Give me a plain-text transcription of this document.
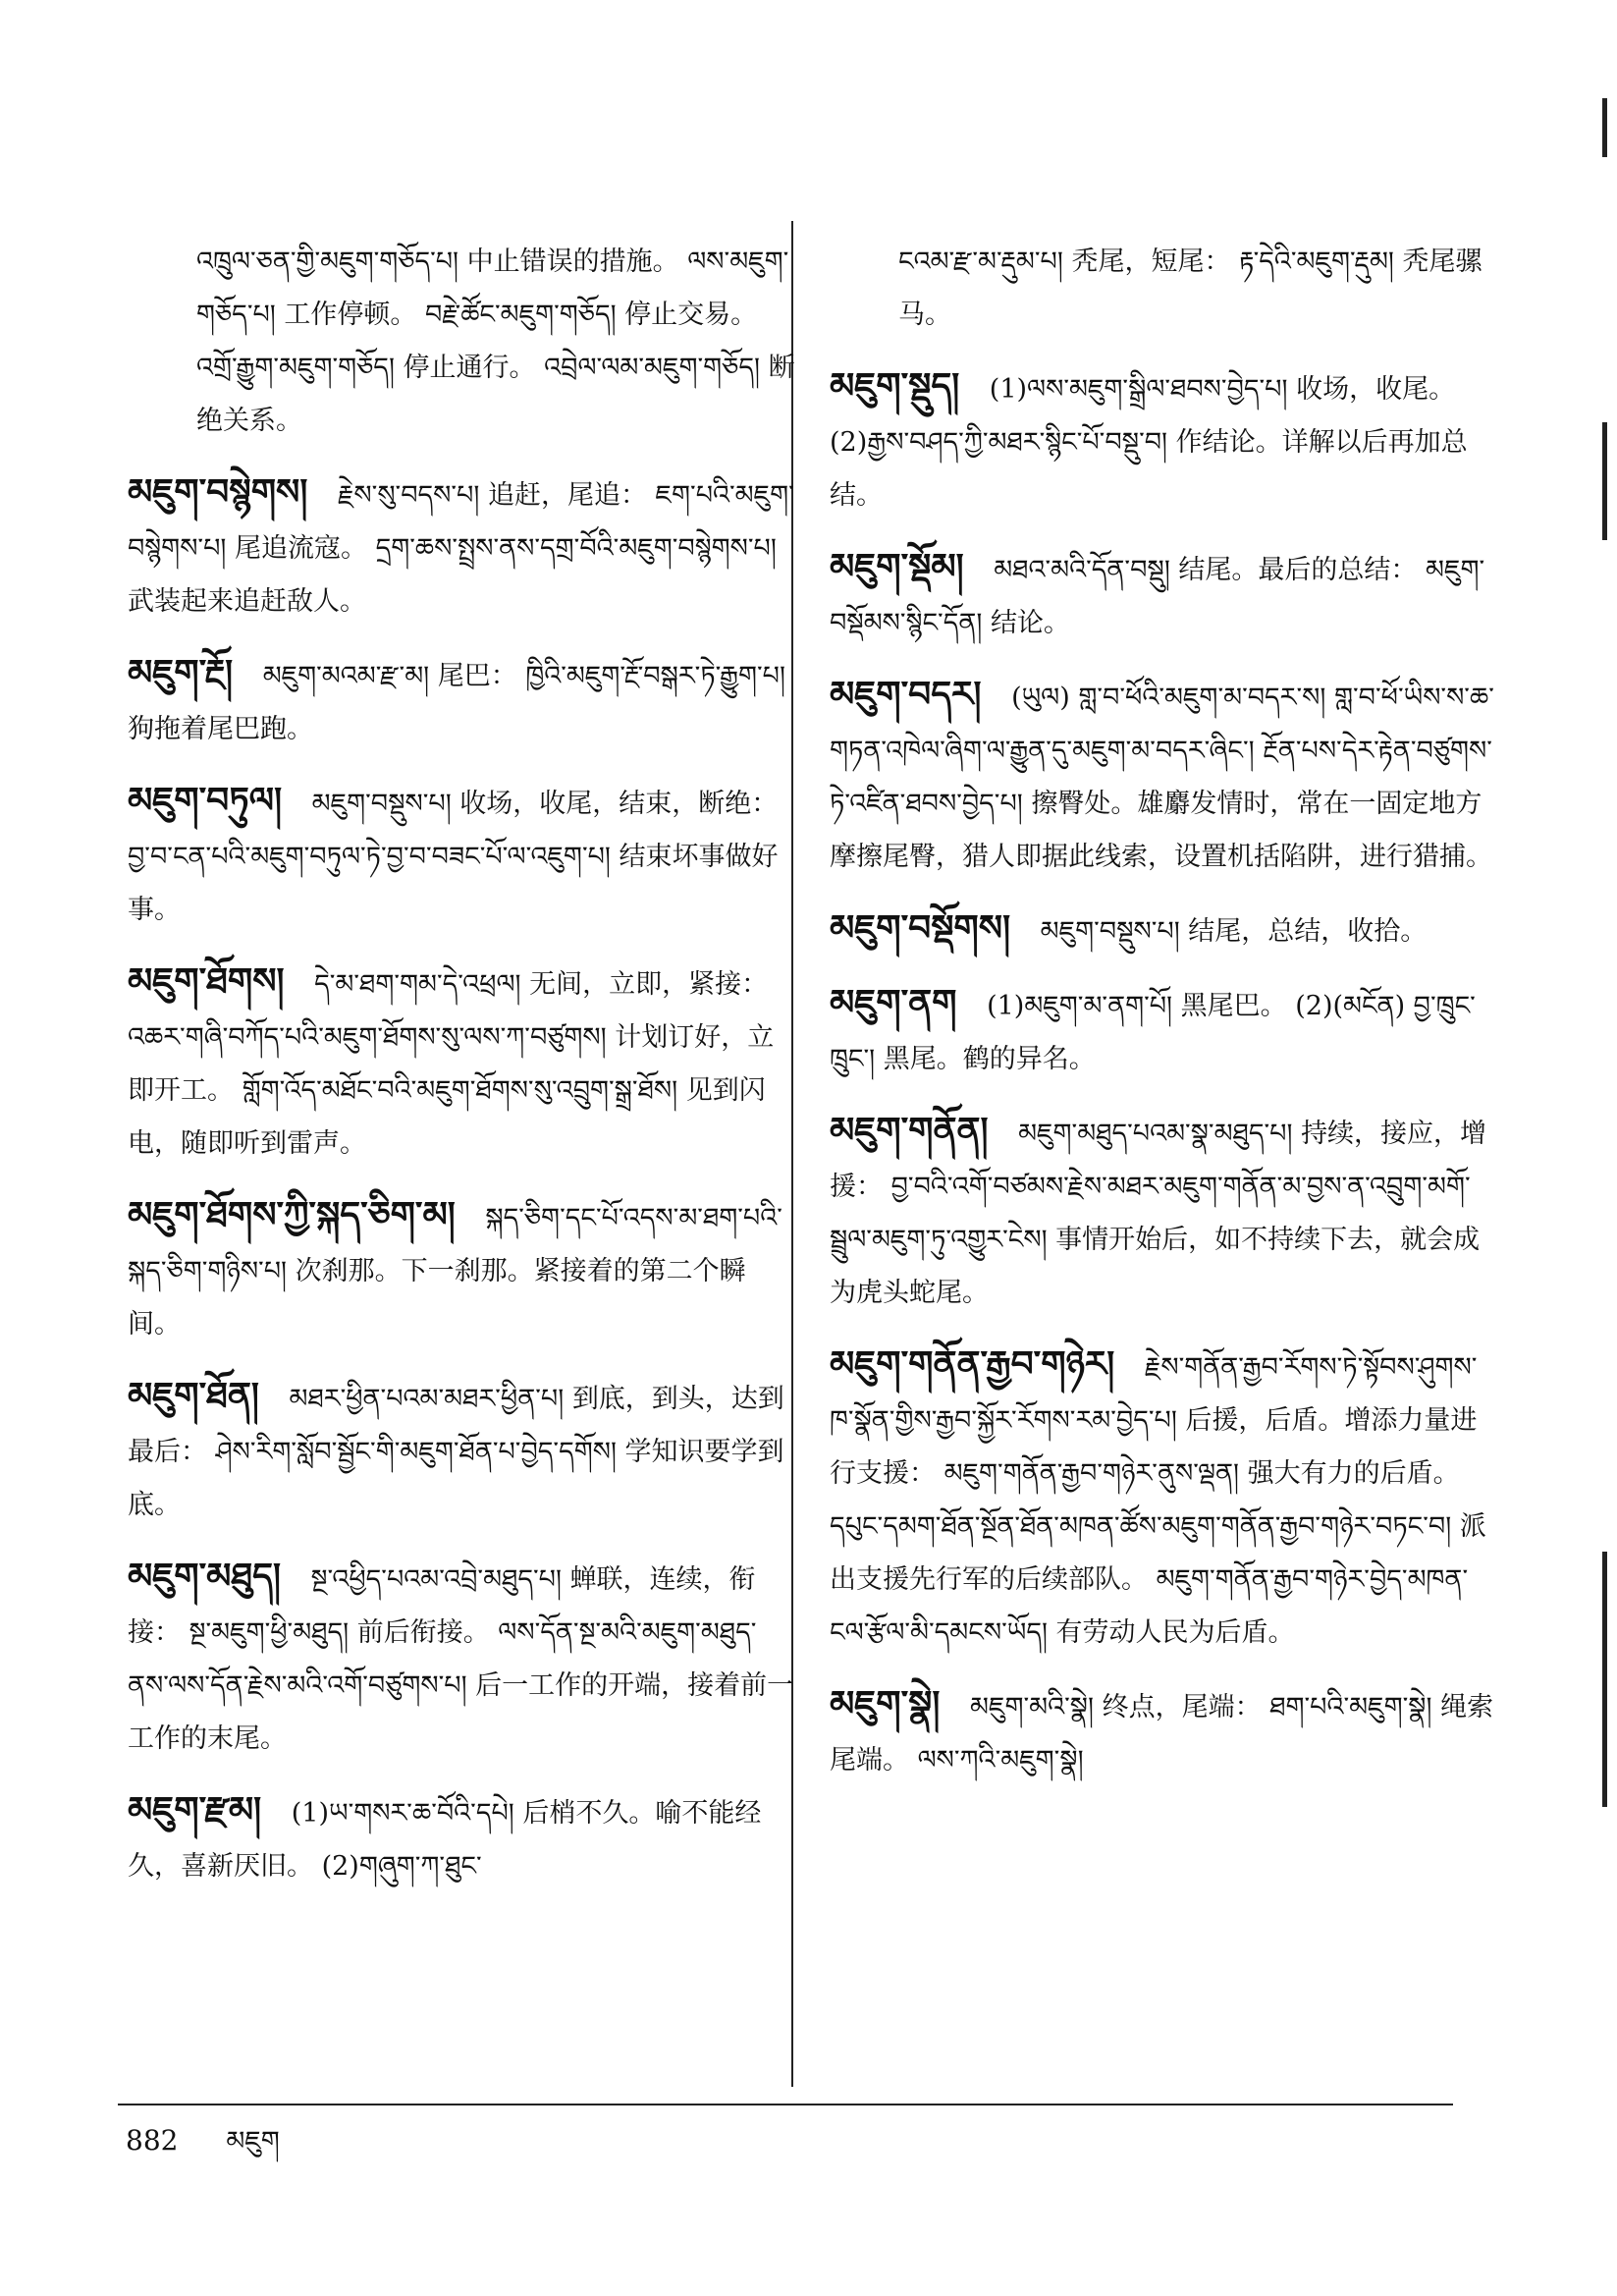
འཁྲུལ་ཅན་གྱི་མཇུག་གཅོད་པ། 中止错误的措施。 ལས་མཇུག་གཅོད་པ། 工作停顿。 བརྗེ་ཚོང་མཇུག་གཅོད། 停止交易。 འགྲོ་རྒྱུག་མཇུག་གཅོད། 停止通行。 འབྲེལ་ལམ་མཇུག་གཅོད། 断绝关系。
མཇུག་བསྙེགས། རྗེས་སུ་བདས་པ། 追赶，尾追： ཇག་པའི་མཇུག་བསྙེགས་པ། 尾追流寇。 དྲག་ཆས་སྤྲས་ནས་དགྲ་བོའི་མཇུག་བསྙེགས་པ། 武装起来追赶敌人。
མཇུག་རྔོ། མཇུག་མའམ་རྫ་མ། 尾巴： ཁྱིའི་མཇུག་རྔོ་བསྒར་ཏེ་རྒྱུག་པ། 狗拖着尾巴跑。
མཇུག་བཏུལ། མཇུག་བསྡུས་པ། 收场，收尾，结束，断绝： བྱ་བ་ངན་པའི་མཇུག་བཏུལ་ཏེ་བྱ་བ་བཟང་པོ་ལ་འཇུག་པ། 结束坏事做好事。
མཇུག་ཐོགས། དེ་མ་ཐག་གམ་དེ་འཕྲལ། 无间，立即，紧接： འཆར་གཞི་བཀོད་པའི་མཇུག་ཐོགས་སུ་ལས་ཀ་བཙུགས། 计划订好，立即开工。 གློག་འོད་མཐོང་བའི་མཇུག་ཐོགས་སུ་འབྲུག་སྒྲ་ཐོས། 见到闪电，随即听到雷声。
མཇུག་ཐོགས་ཀྱི་སྐད་ཅིག་མ། སྐད་ཅིག་དང་པོ་འདས་མ་ཐག་པའི་སྐད་ཅིག་གཉིས་པ། 次刹那。下一刹那。紧接着的第二个瞬间。
མཇུག་ཐོན། མཐར་ཕྱིན་པའམ་མཐར་ཕྱིན་པ། 到底，到头，达到最后： ཤེས་རིག་སློབ་སྦྱོང་གི་མཇུག་ཐོན་པ་བྱེད་དགོས། 学知识要学到底。
མཇུག་མཐུད། སྔ་འཕྱིད་པའམ་འབྲེ་མཐུད་པ། 蝉联，连续，衔接： སྔ་མཇུག་ཕྱི་མཐུད། 前后衔接。 ལས་དོན་སྔ་མའི་མཇུག་མཐུད་ནས་ལས་དོན་རྗེས་མའི་འགོ་བཙུགས་པ། 后一工作的开端，接着前一工作的末尾。
མཇུག་རྫམ། (1)ཡ་གསར་ཆ་བོའི་དཔེ། 后梢不久。喻不能经久，喜新厌旧。 (2)གཞུག་ཀ་ཐུང་
ངའམ་རྫ་མ་རྡུམ་པ། 秃尾，短尾： རྟ་དེའི་མཇུག་རྡུམ། 秃尾骡马。
མཇུག་སྡུད། (1)ལས་མཇུག་སྒྲིལ་ཐབས་བྱེད་པ། 收场，收尾。 (2)རྒྱས་བཤད་ཀྱི་མཐར་སྙིང་པོ་བསྡུ་བ། 作结论。详解以后再加总结。
མཇུག་སྡོམ། མཐའ་མའི་དོན་བསྡུ། 结尾。最后的总结： མཇུག་བསྡོམས་སྙིང་དོན། 结论。
མཇུག་བདར། (ཡུལ) གླ་བ་ཕོའི་མཇུག་མ་བདར་ས། གླ་བ་ཕོ་ཡིས་ས་ཆ་གཏན་འཁེལ་ཞིག་ལ་རྒྱུན་དུ་མཇུག་མ་བདར་ཞིང་། རྔོན་པས་དེར་རྟེན་བཙུགས་ཏེ་འཛིན་ཐབས་བྱེད་པ། 擦臀处。雄麝发情时，常在一固定地方摩擦尾臀，猎人即据此线索，设置机括陷阱，进行猎捕。
མཇུག་བསྡོགས། མཇུག་བསྡུས་པ། 结尾，总结，收拾。
མཇུག་ནག (1)མཇུག་མ་ནག་པོ། 黑尾巴。 (2)(མངོན) བྱ་ཁྲུང་ཁྲུང་། 黑尾。鹤的异名。
མཇུག་གནོན། མཇུག་མཐུད་པའམ་སྣ་མཐུད་པ། 持续，接应，增援： བྱ་བའི་འགོ་བཙམས་རྗེས་མཐར་མཇུག་གནོན་མ་བྱས་ན་འབྲུག་མགོ་སྦྲུལ་མཇུག་ཏུ་འགྱུར་ངེས། 事情开始后，如不持续下去，就会成为虎头蛇尾。
མཇུག་གནོན་རྒྱབ་གཉེར། རྗེས་གནོན་རྒྱབ་རོགས་ཏེ་སྟོབས་ཤུགས་ཁ་སྣོན་གྱིས་རྒྱབ་སྐྱོར་རོགས་རམ་བྱེད་པ། 后援，后盾。增添力量进行支援： མཇུག་གནོན་རྒྱབ་གཉེར་ནུས་ལྡན། 强大有力的后盾。 དཔུང་དམག་ཐོན་སྔོན་ཐོན་མཁན་ཚོས་མཇུག་གནོན་རྒྱབ་གཉེར་བཏང་བ། 派出支援先行军的后续部队。 མཇུག་གནོན་རྒྱབ་གཉེར་བྱེད་མཁན་ངལ་རྩོལ་མི་དམངས་ཡོད། 有劳动人民为后盾。
མཇུག་སྣེ། མཇུག་མའི་སྣེ། 终点，尾端： ཐག་པའི་མཇུག་སྣེ། 绳索尾端。 ལས་ཀའི་མཇུག་སྣེ།
882 མཇུག
